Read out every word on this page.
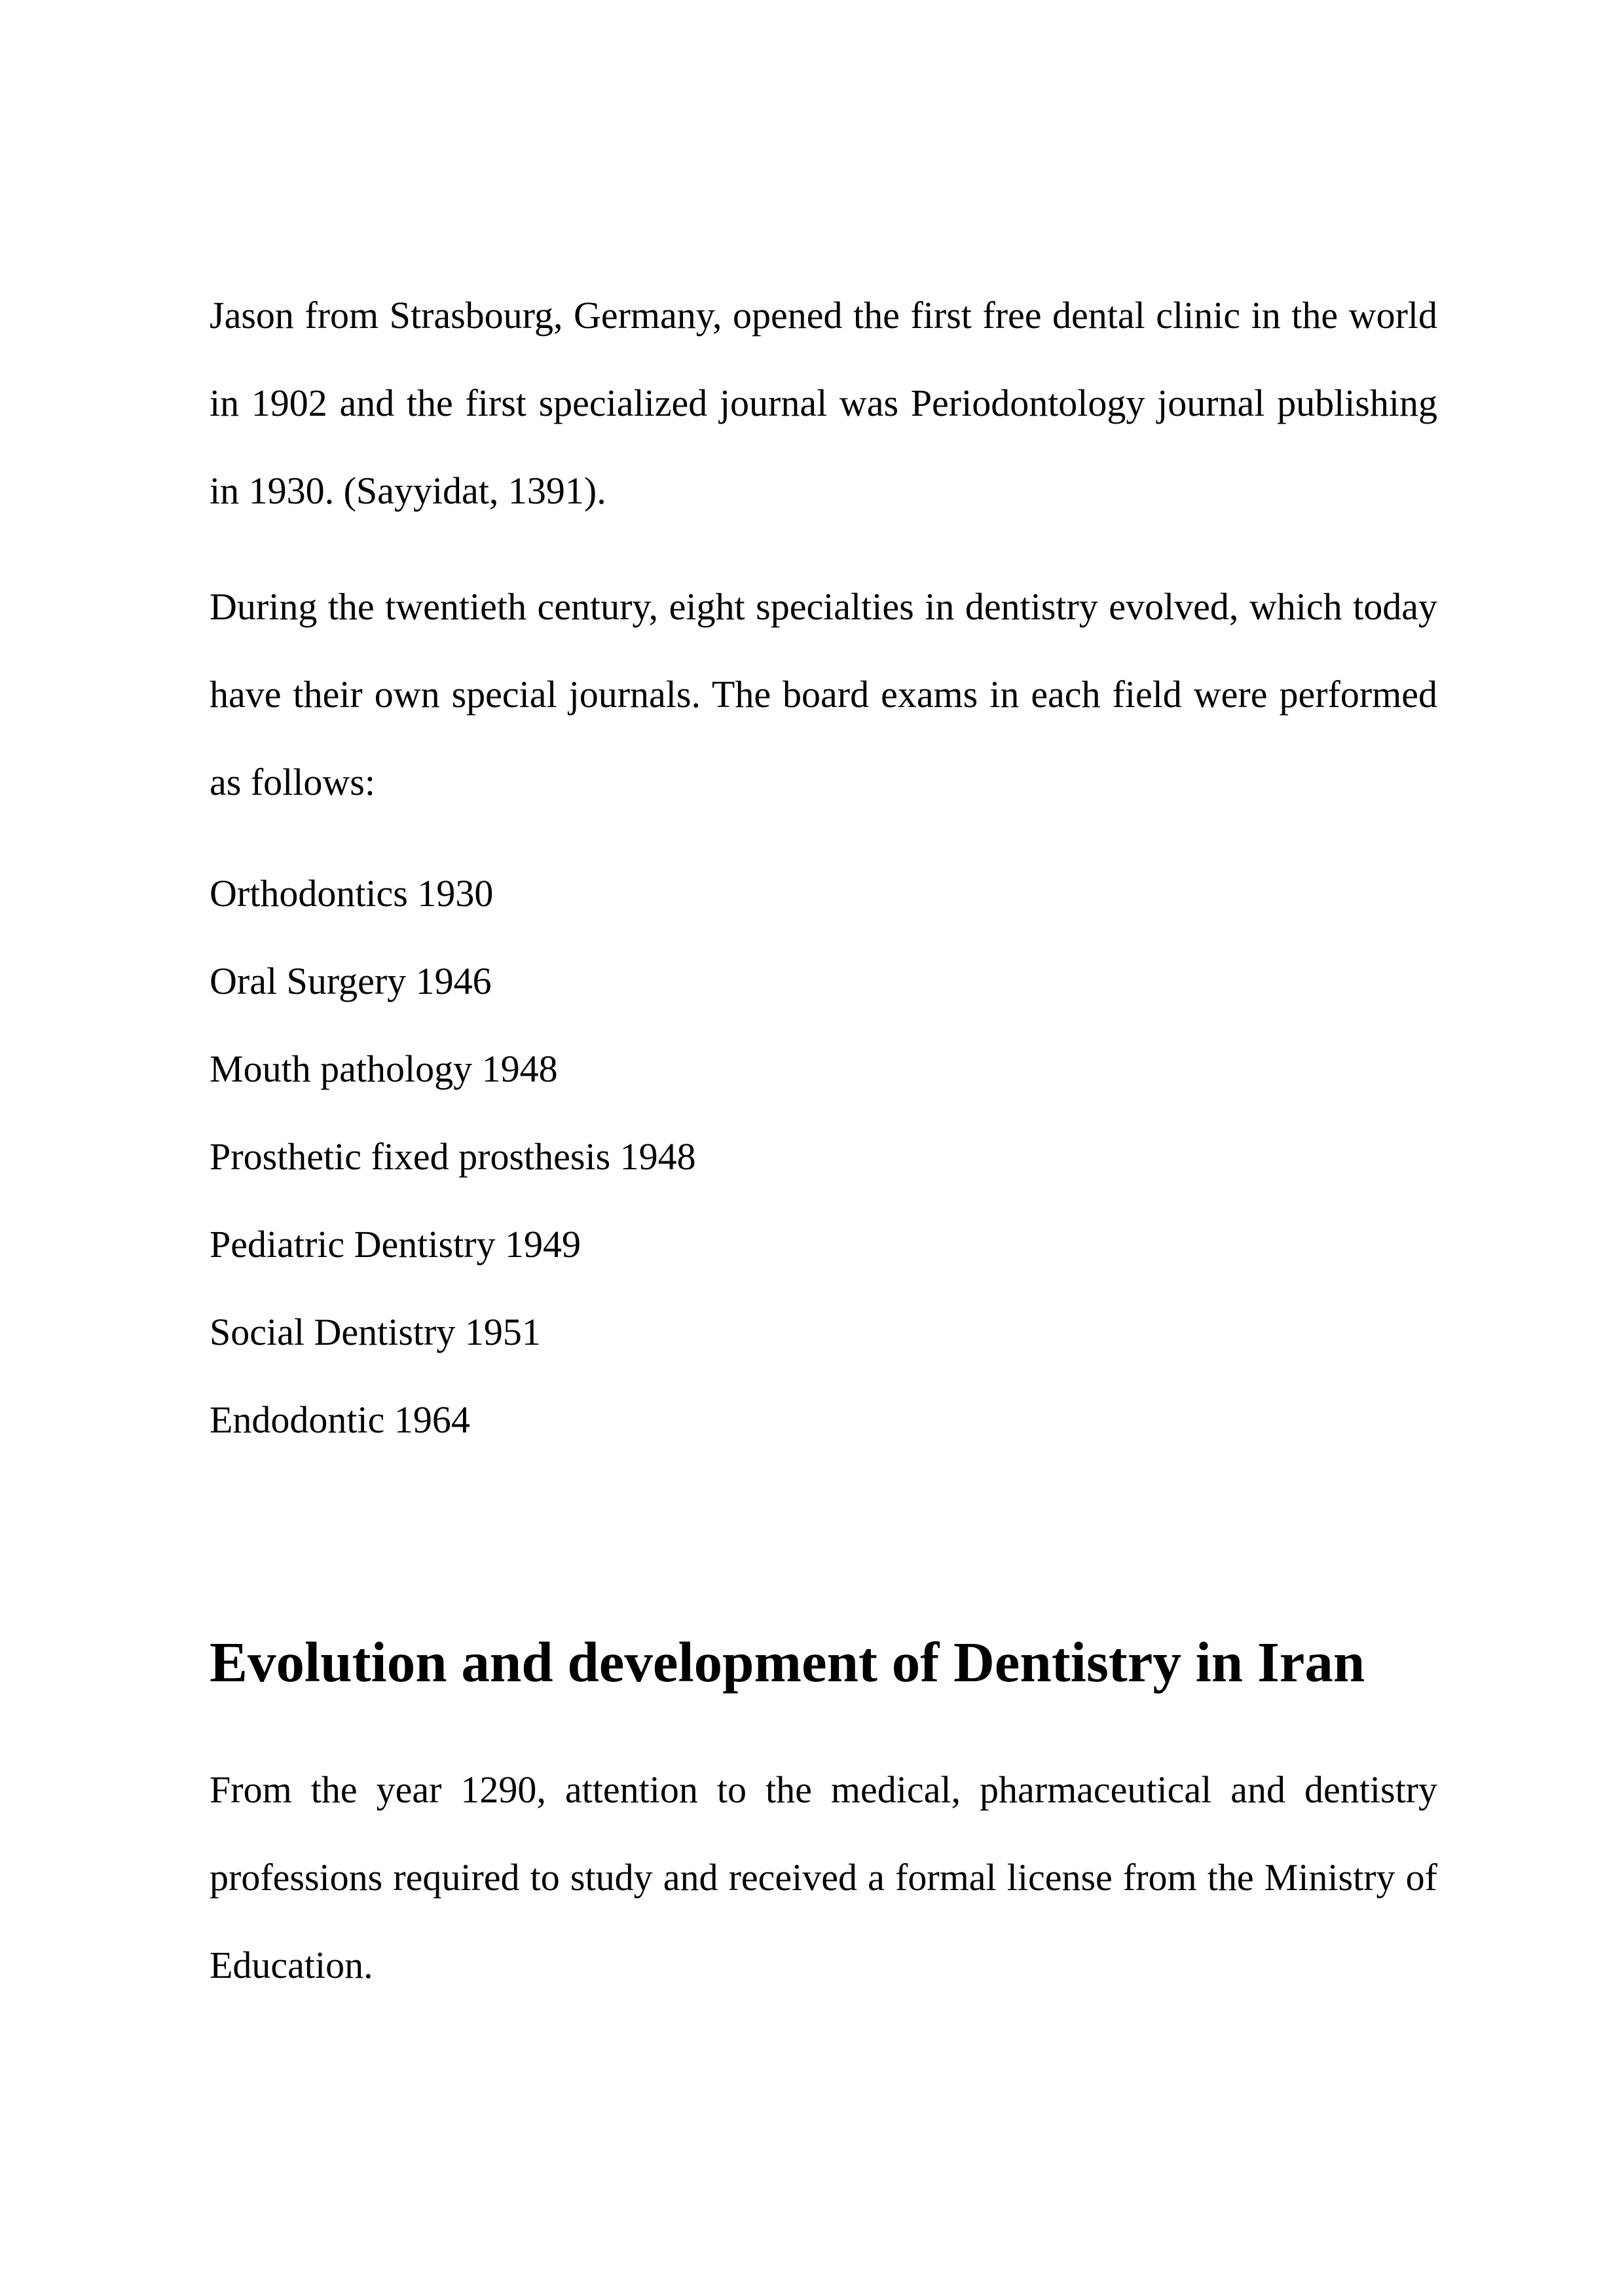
Jason from Strasbourg, Germany, opened the first free dental clinic in the world
in 1902 and the first specialized journal was Periodontology journal publishing
in 1930. (Sayyidat, 1391).
During the twentieth century, eight specialties in dentistry evolved, which today
have their own special journals. The board exams in each field were performed
as follows:
Orthodontics 1930
Oral Surgery 1946
Mouth pathology 1948
Prosthetic fixed prosthesis 1948
Pediatric Dentistry 1949
Social Dentistry 1951
Endodontic 1964
Evolution and development of Dentistry in Iran
From the year 1290, attention to the medical, pharmaceutical and dentistry
professions required to study and received a formal license from the Ministry of
Education.
